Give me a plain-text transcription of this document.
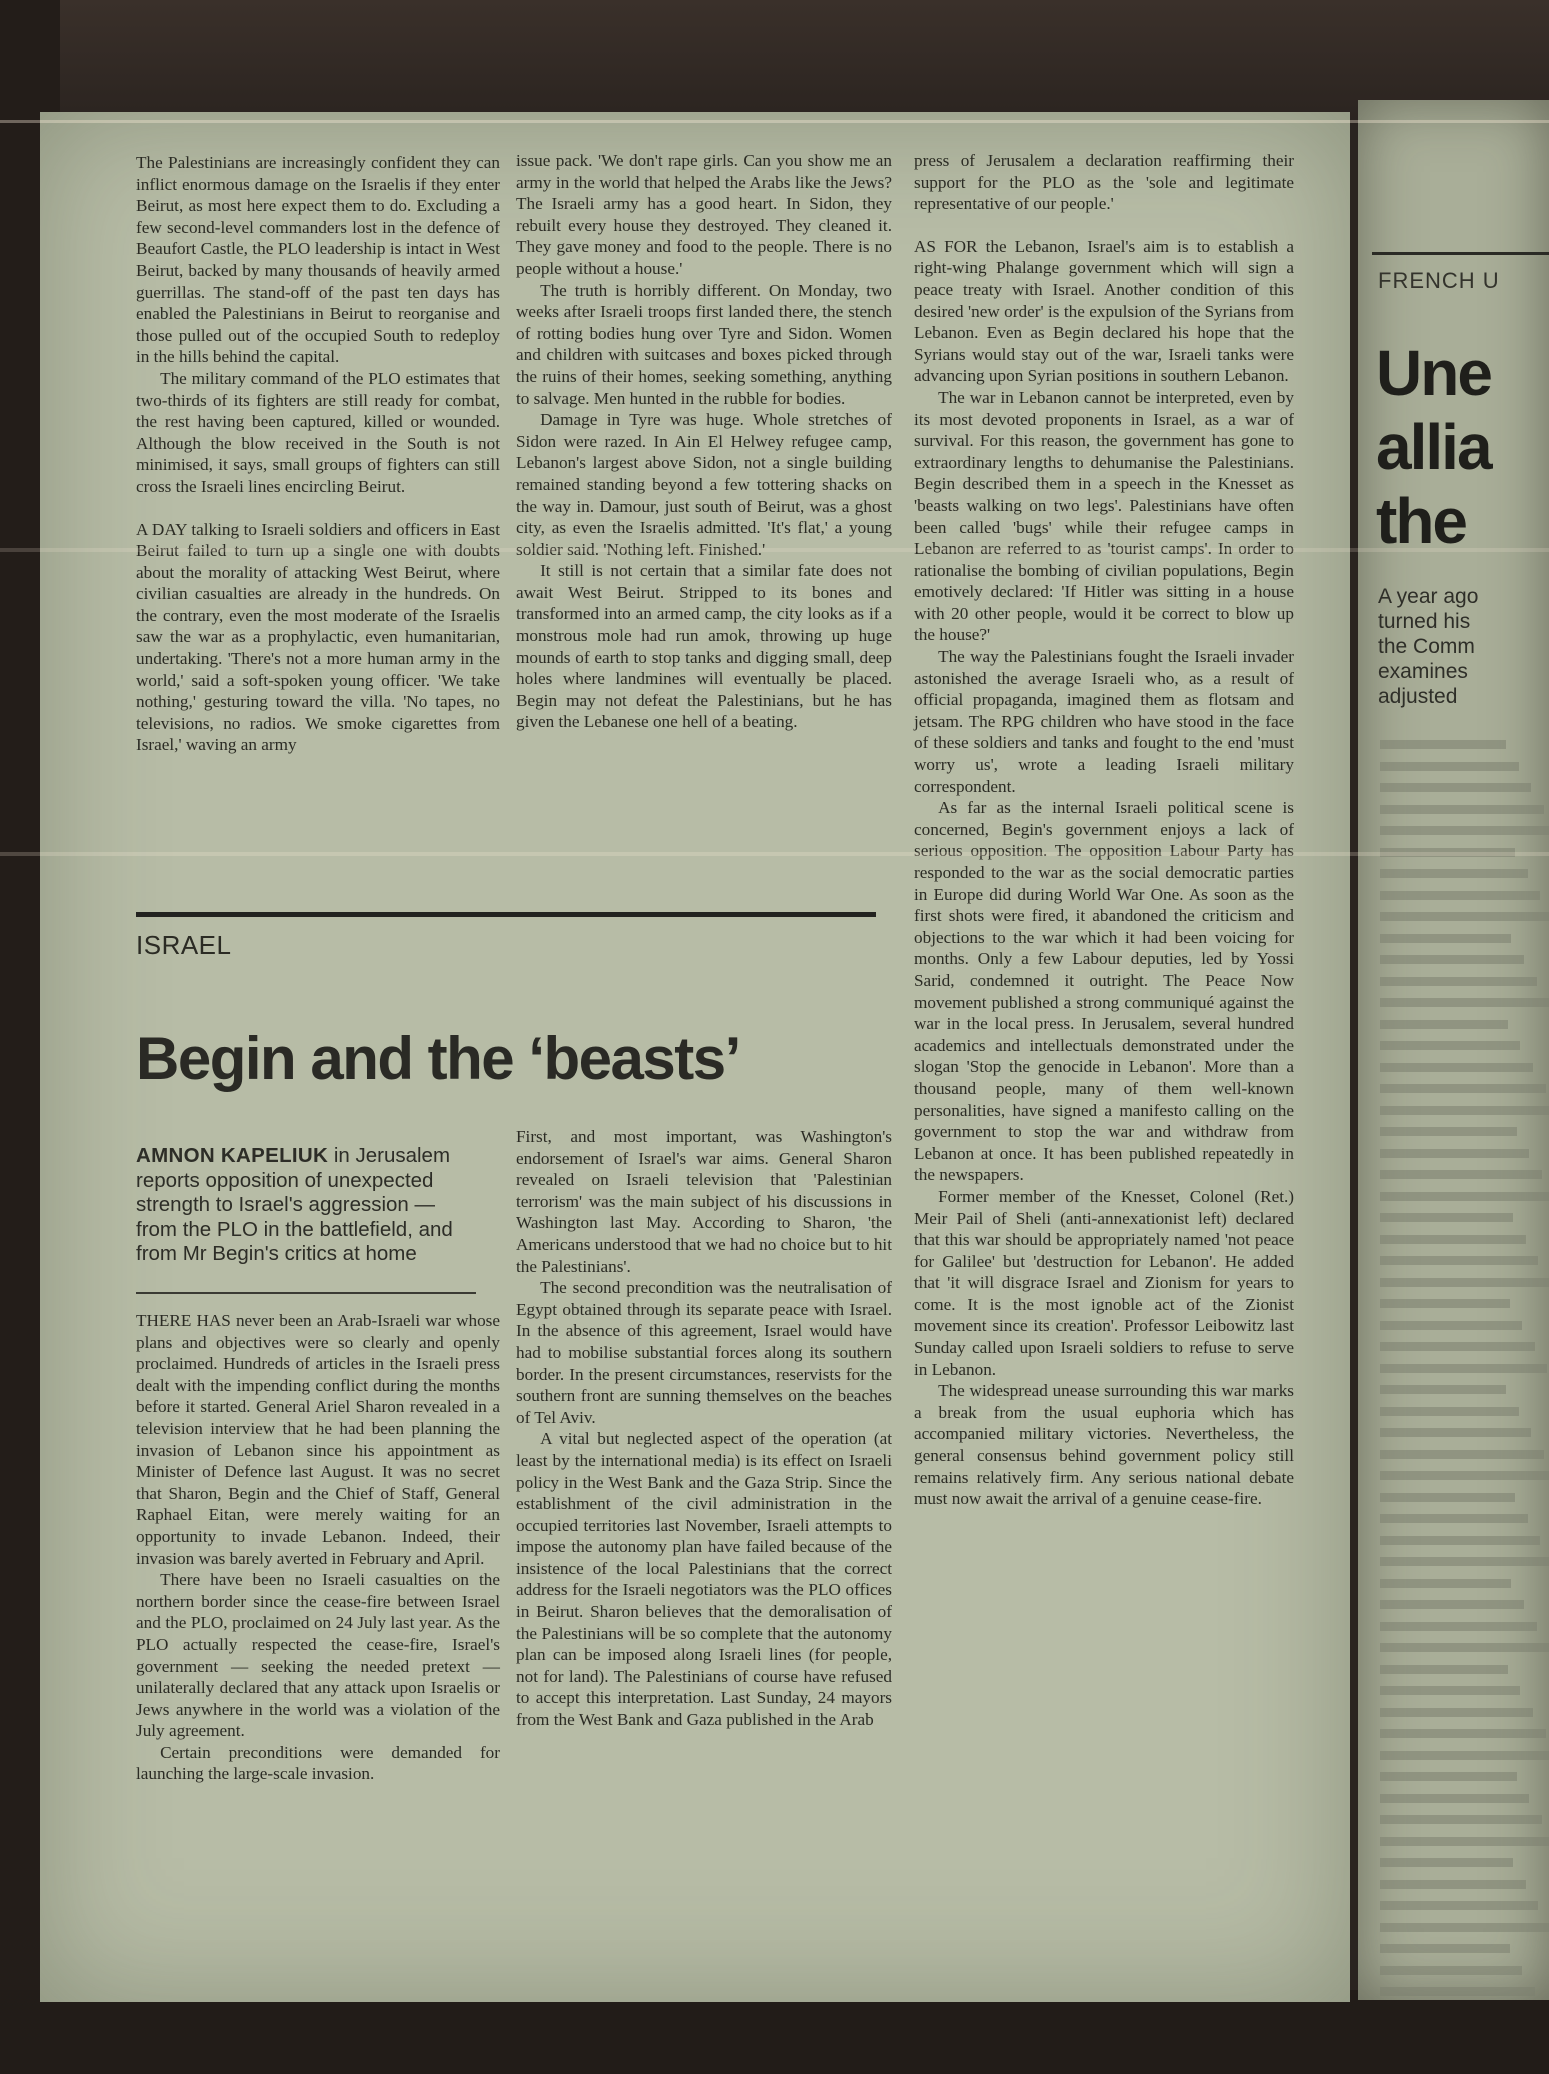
FRENCH U
Une
allia
the
A year ago
turned his
the Comm
examines
adjusted

The Palestinians are increasingly confident they can inflict enormous damage on the Israelis if they enter Beirut, as most here expect them to do. Excluding a few second-level commanders lost in the defence of Beaufort Castle, the PLO leadership is intact in West Beirut, backed by many thousands of heavily armed guerrillas. The stand-off of the past ten days has enabled the Palestinians in Beirut to reorganise and those pulled out of the occupied South to redeploy in the hills behind the capital.

The military command of the PLO estimates that two-thirds of its fighters are still ready for combat, the rest having been captured, killed or wounded. Although the blow received in the South is not minimised, it says, small groups of fighters can still cross the Israeli lines encircling Beirut.

A DAY talking to Israeli soldiers and officers in East Beirut failed to turn up a single one with doubts about the morality of attacking West Beirut, where civilian casualties are already in the hundreds. On the contrary, even the most moderate of the Israelis saw the war as a prophylactic, even humanitarian, undertaking. 'There's not a more human army in the world,' said a soft-spoken young officer. 'We take nothing,' gesturing toward the villa. 'No tapes, no televisions, no radios. We smoke cigarettes from Israel,' waving an army

issue pack. 'We don't rape girls. Can you show me an army in the world that helped the Arabs like the Jews? The Israeli army has a good heart. In Sidon, they rebuilt every house they destroyed. They cleaned it. They gave money and food to the people. There is no people without a house.'

The truth is horribly different. On Monday, two weeks after Israeli troops first landed there, the stench of rotting bodies hung over Tyre and Sidon. Women and children with suitcases and boxes picked through the ruins of their homes, seeking something, anything to salvage. Men hunted in the rubble for bodies.

Damage in Tyre was huge. Whole stretches of Sidon were razed. In Ain El Helwey refugee camp, Lebanon's largest above Sidon, not a single building remained standing beyond a few tottering shacks on the way in. Damour, just south of Beirut, was a ghost city, as even the Israelis admitted. 'It's flat,' a young soldier said. 'Nothing left. Finished.'

It still is not certain that a similar fate does not await West Beirut. Stripped to its bones and transformed into an armed camp, the city looks as if a monstrous mole had run amok, throwing up huge mounds of earth to stop tanks and digging small, deep holes where landmines will eventually be placed. Begin may not defeat the Palestinians, but he has given the Lebanese one hell of a beating.

press of Jerusalem a declaration reaffirming their support for the PLO as the 'sole and legitimate representative of our people.'

AS FOR the Lebanon, Israel's aim is to establish a right-wing Phalange government which will sign a peace treaty with Israel. Another condition of this desired 'new order' is the expulsion of the Syrians from Lebanon. Even as Begin declared his hope that the Syrians would stay out of the war, Israeli tanks were advancing upon Syrian positions in southern Lebanon.

The war in Lebanon cannot be interpreted, even by its most devoted proponents in Israel, as a war of survival. For this reason, the government has gone to extraordinary lengths to dehumanise the Palestinians. Begin described them in a speech in the Knesset as 'beasts walking on two legs'. Palestinians have often been called 'bugs' while their refugee camps in Lebanon are referred to as 'tourist camps'. In order to rationalise the bombing of civilian populations, Begin emotively declared: 'If Hitler was sitting in a house with 20 other people, would it be correct to blow up the house?'

The way the Palestinians fought the Israeli invader astonished the average Israeli who, as a result of official propaganda, imagined them as flotsam and jetsam. The RPG children who have stood in the face of these soldiers and tanks and fought to the end 'must worry us', wrote a leading Israeli military correspondent.

As far as the internal Israeli political scene is concerned, Begin's government enjoys a lack of serious opposition. The opposition Labour Party has responded to the war as the social democratic parties in Europe did during World War One. As soon as the first shots were fired, it abandoned the criticism and objections to the war which it had been voicing for months. Only a few Labour deputies, led by Yossi Sarid, condemned it outright. The Peace Now movement published a strong communiqué against the war in the local press. In Jerusalem, several hundred academics and intellectuals demonstrated under the slogan 'Stop the genocide in Lebanon'. More than a thousand people, many of them well-known personalities, have signed a manifesto calling on the government to stop the war and withdraw from Lebanon at once. It has been published repeatedly in the newspapers.

Former member of the Knesset, Colonel (Ret.) Meir Pail of Sheli (anti-annexationist left) declared that this war should be appropriately named 'not peace for Galilee' but 'destruction for Lebanon'. He added that 'it will disgrace Israel and Zionism for years to come. It is the most ignoble act of the Zionist movement since its creation'. Professor Leibowitz last Sunday called upon Israeli soldiers to refuse to serve in Lebanon.

The widespread unease surrounding this war marks a break from the usual euphoria which has accompanied military victories. Nevertheless, the general consensus behind government policy still remains relatively firm. Any serious national debate must now await the arrival of a genuine cease-fire.

ISRAEL
Begin and the ‘beasts’
AMNON KAPELIUK in Jerusalem reports opposition of unexpected strength to Israel's aggression — from the PLO in the battlefield, and from Mr Begin's critics at home

THERE HAS never been an Arab-Israeli war whose plans and objectives were so clearly and openly proclaimed. Hundreds of articles in the Israeli press dealt with the impending conflict during the months before it started. General Ariel Sharon revealed in a television interview that he had been planning the invasion of Lebanon since his appointment as Minister of Defence last August. It was no secret that Sharon, Begin and the Chief of Staff, General Raphael Eitan, were merely waiting for an opportunity to invade Lebanon. Indeed, their invasion was barely averted in February and April.

There have been no Israeli casualties on the northern border since the cease-fire between Israel and the PLO, proclaimed on 24 July last year. As the PLO actually respected the cease-fire, Israel's government — seeking the needed pretext — unilaterally declared that any attack upon Israelis or Jews anywhere in the world was a violation of the July agreement.

Certain preconditions were demanded for launching the large-scale invasion.

First, and most important, was Washington's endorsement of Israel's war aims. General Sharon revealed on Israeli television that 'Palestinian terrorism' was the main subject of his discussions in Washington last May. According to Sharon, 'the Americans understood that we had no choice but to hit the Palestinians'.

The second precondition was the neutralisation of Egypt obtained through its separate peace with Israel. In the absence of this agreement, Israel would have had to mobilise substantial forces along its southern border. In the present circumstances, reservists for the southern front are sunning themselves on the beaches of Tel Aviv.

A vital but neglected aspect of the operation (at least by the international media) is its effect on Israeli policy in the West Bank and the Gaza Strip. Since the establishment of the civil administration in the occupied territories last November, Israeli attempts to impose the autonomy plan have failed because of the insistence of the local Palestinians that the correct address for the Israeli negotiators was the PLO offices in Beirut. Sharon believes that the demoralisation of the Palestinians will be so complete that the autonomy plan can be imposed along Israeli lines (for people, not for land). The Palestinians of course have refused to accept this interpretation. Last Sunday, 24 mayors from the West Bank and Gaza published in the Arab
